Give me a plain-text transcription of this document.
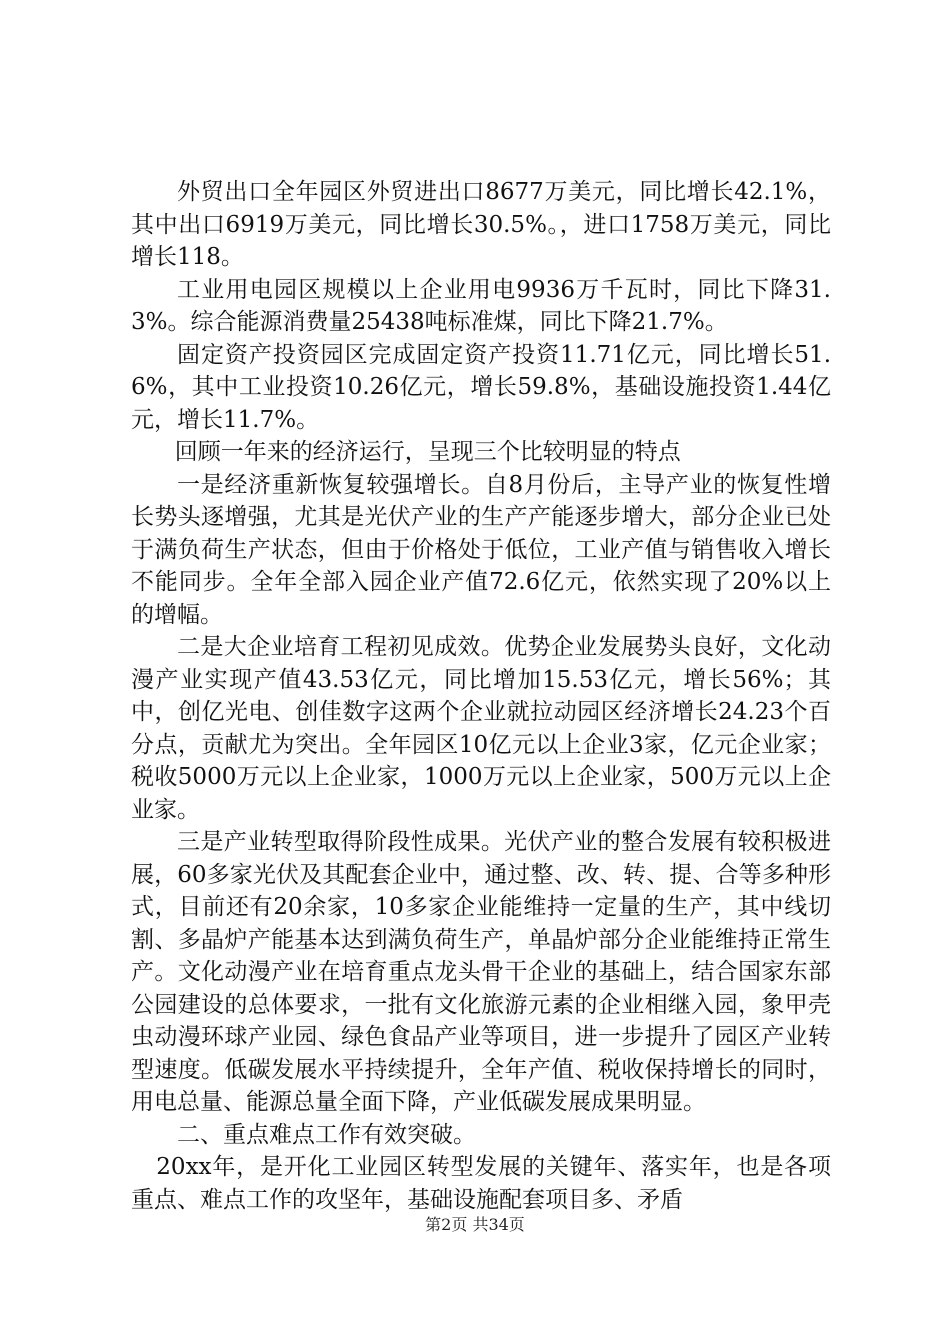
外贸出口全年园区外贸进出口8677万美元，同比增长42.1%，其中出口6919万美元，同比增长30.5%。，进口1758万美元，同比增长118。

工业用电园区规模以上企业用电9936万千瓦时，同比下降31.3%。综合能源消费量25438吨标准煤，同比下降21.7%。

固定资产投资园区完成固定资产投资11.71亿元，同比增长51.6%，其中工业投资10.26亿元，增长59.8%，基础设施投资1.44亿元，增长11.7%。

回顾一年来的经济运行，呈现三个比较明显的特点

一是经济重新恢复较强增长。自8月份后，主导产业的恢复性增长势头逐增强，尤其是光伏产业的生产产能逐步增大，部分企业已处于满负荷生产状态，但由于价格处于低位，工业产值与销售收入增长不能同步。全年全部入园企业产值72.6亿元，依然实现了20%以上的增幅。

二是大企业培育工程初见成效。优势企业发展势头良好，文化动漫产业实现产值43.53亿元，同比增加15.53亿元，增长56%；其中，创亿光电、创佳数字这两个企业就拉动园区经济增长24.23个百分点，贡献尤为突出。全年园区10亿元以上企业3家，亿元企业家；税收5000万元以上企业家，1000万元以上企业家，500万元以上企业家。

三是产业转型取得阶段性成果。光伏产业的整合发展有较积极进展，60多家光伏及其配套企业中，通过整、改、转、提、合等多种形式，目前还有20余家，10多家企业能维持一定量的生产，其中线切割、多晶炉产能基本达到满负荷生产，单晶炉部分企业能维持正常生产。文化动漫产业在培育重点龙头骨干企业的基础上，结合国家东部公园建设的总体要求，一批有文化旅游元素的企业相继入园，象甲壳虫动漫环球产业园、绿色食品产业等项目，进一步提升了园区产业转型速度。低碳发展水平持续提升，全年产值、税收保持增长的同时，用电总量、能源总量全面下降，产业低碳发展成果明显。

二、重点难点工作有效突破。

20xx年，是开化工业园区转型发展的关键年、落实年，也是各项重点、难点工作的攻坚年，基础设施配套项目多、矛盾

第2页 共34页
